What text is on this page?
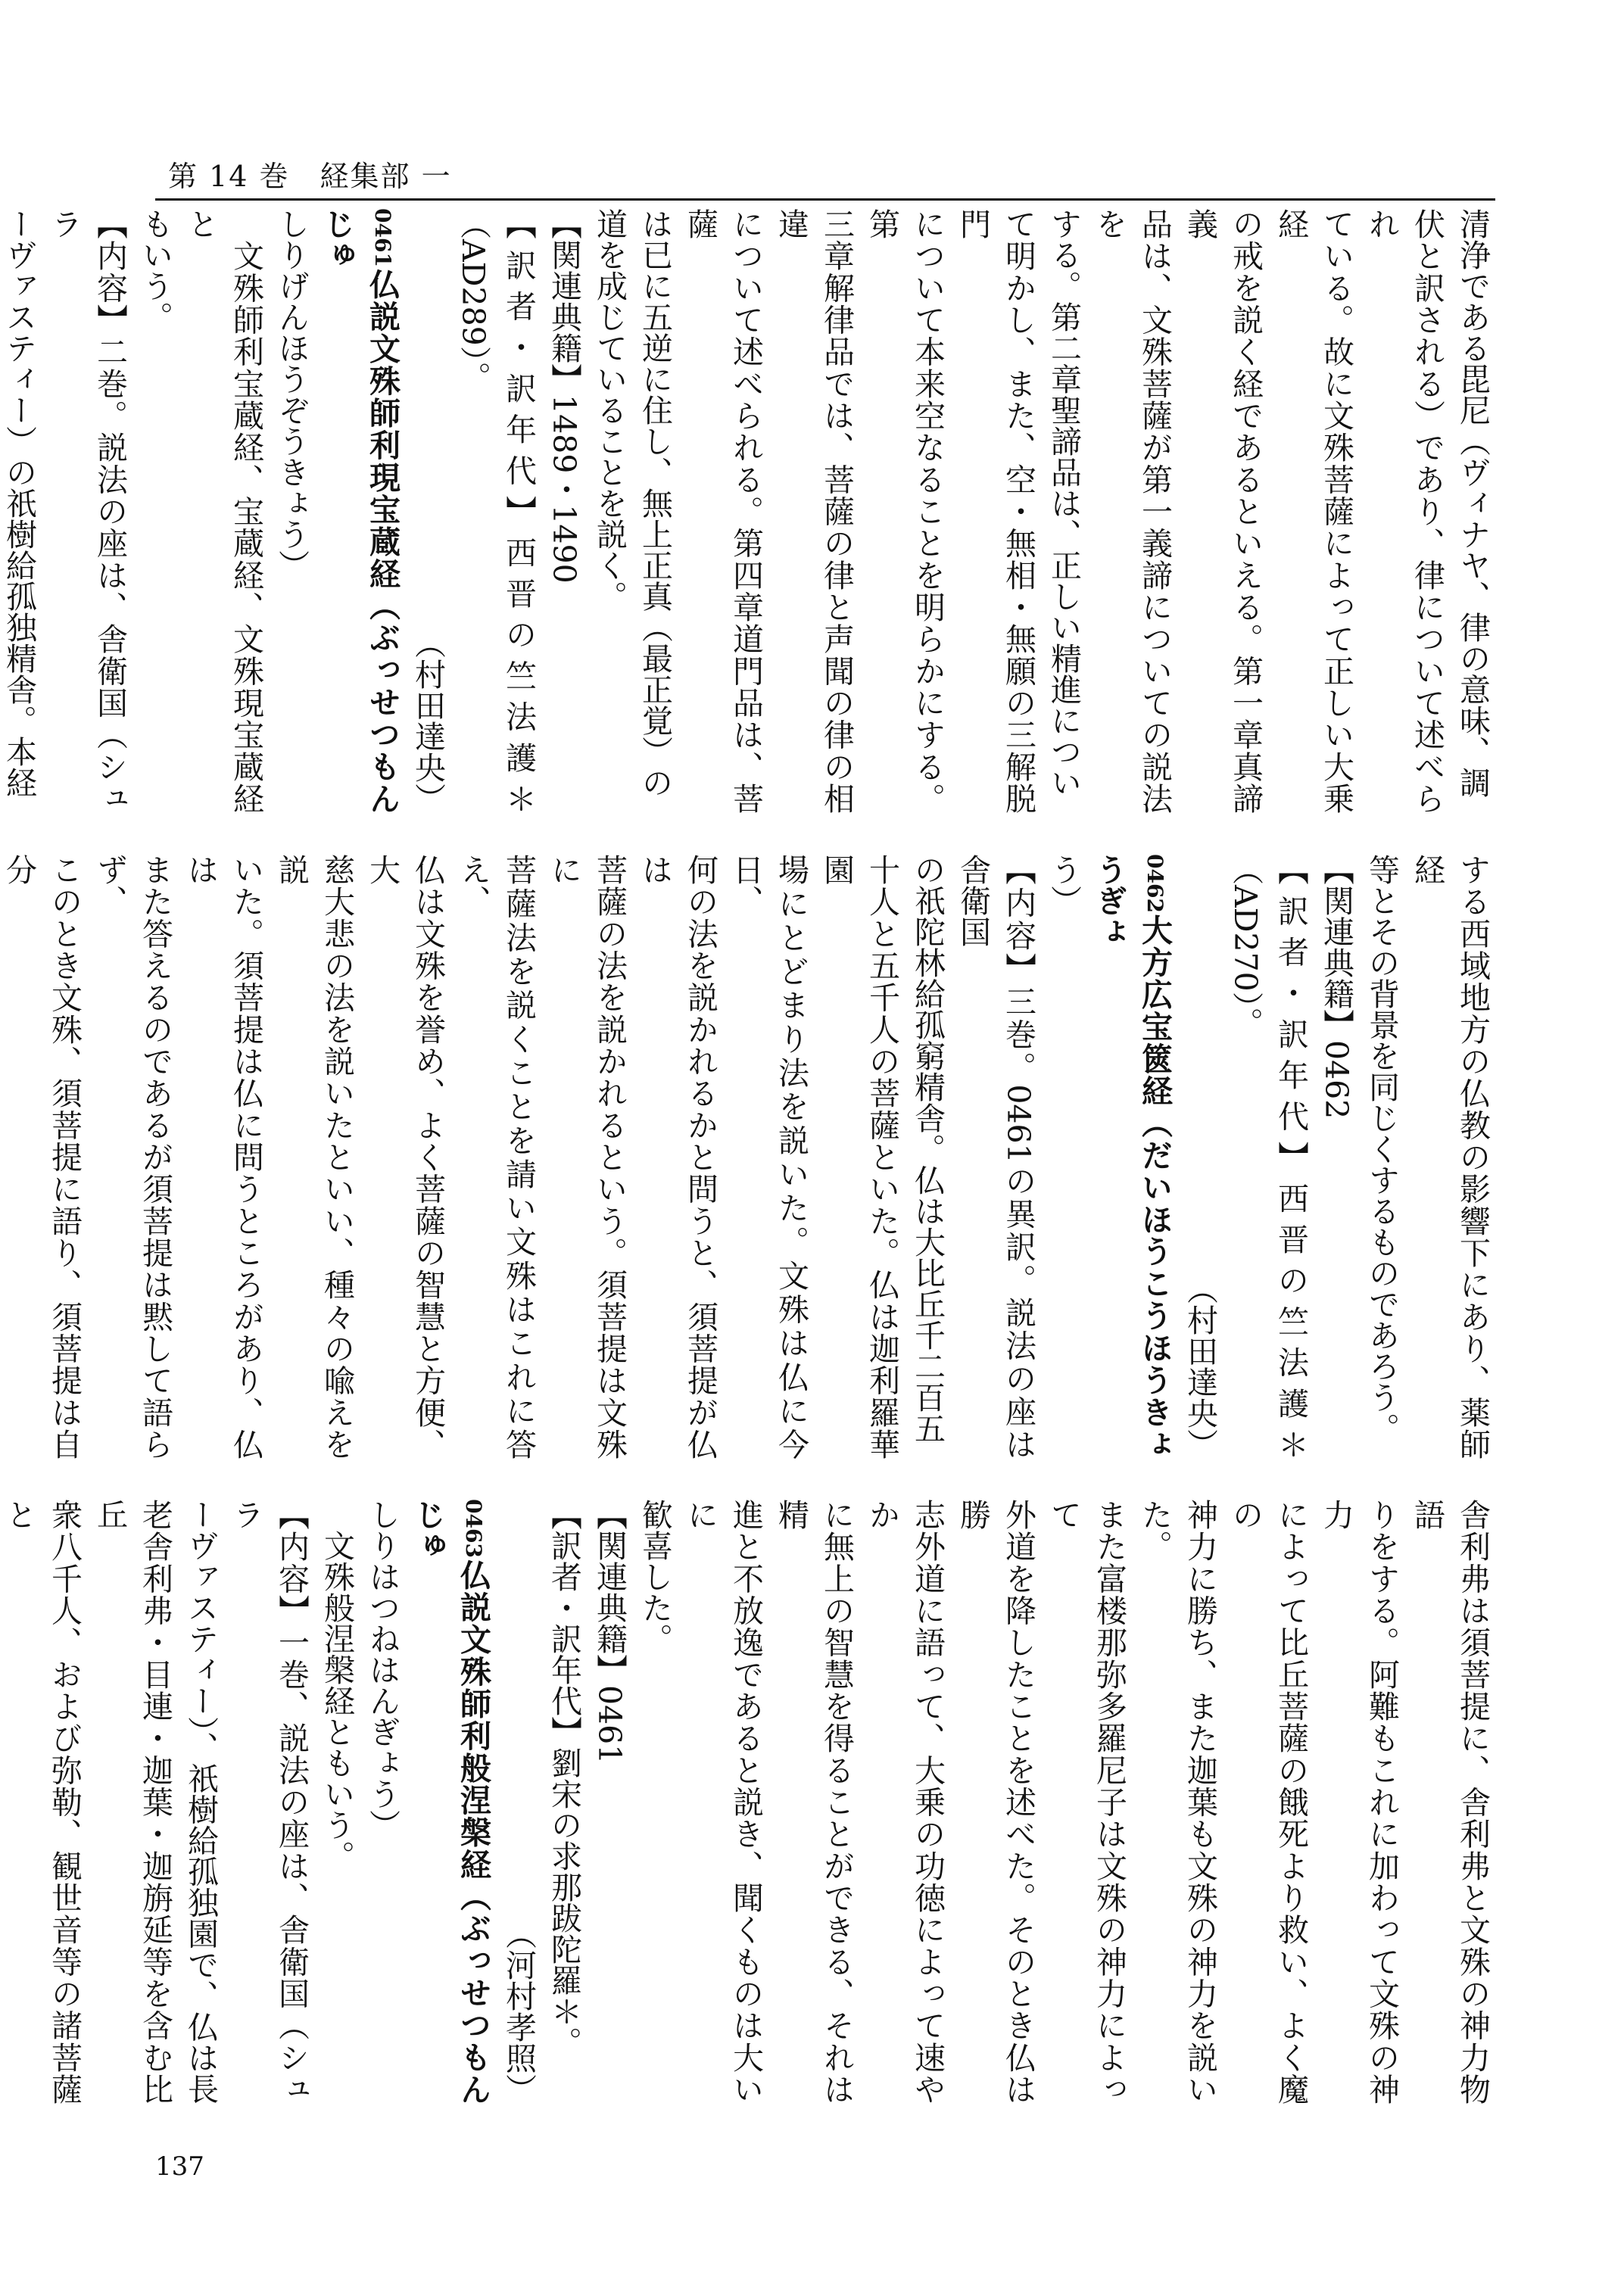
第 14 巻　経集部 一
清浄である毘尼（ヴィナヤ、律の意味、調
伏と訳される）であり、律について述べられ
ている。故に文殊菩薩によって正しい大乗経
の戒を説く経であるといえる。第一章真諦義
品は、文殊菩薩が第一義諦についての説法を
する。第二章聖諦品は、正しい精進につい
て明かし、また、空・無相・無願の三解脱門
について本来空なることを明らかにする。第
三章解律品では、菩薩の律と声聞の律の相違
について述べられる。第四章道門品は、菩薩
は已に五逆に住し、無上正真（最正覚）の
道を成じていることを説く。
【関連典籍】1489・1490
【訳者・訳年代】西晋の竺法護＊（AD289）。
（村田達央）
0461仏説文殊師利現宝蔵経（ぶっせつもんじゅ
しりげんほうぞうきょう）
　文殊師利宝蔵経、宝蔵経、文殊現宝蔵経と
もいう。
【内容】二巻。説法の座は、舎衛国（シュラ
ーヴァスティー）の祇樹給孤独精舎。本経
する西域地方の仏教の影響下にあり、薬師経
等とその背景を同じくするものであろう。
【関連典籍】0462
【訳者・訳年代】西晋の竺法護＊（AD270）。
（村田達央）
0462大方広宝篋経（だいほうこうほうきょうぎょ
う）
【内容】三巻。0461の異訳。説法の座は舎衛国
の祇陀林給孤窮精舎。仏は大比丘千二百五
十人と五千人の菩薩といた。仏は迦利羅華園
場にとどまり法を説いた。文殊は仏に今日、
何の法を説かれるかと問うと、須菩提が仏は
菩薩の法を説かれるという。須菩提は文殊に
菩薩法を説くことを請い文殊はこれに答え、
仏は文殊を誉め、よく菩薩の智慧と方便、大
慈大悲の法を説いたといい、種々の喩えを説
いた。須菩提は仏に問うところがあり、仏は
また答えるのであるが須菩提は黙して語らず、
このとき文殊、須菩提に語り、須菩提は自分
舎利弗は須菩提に、舎利弗と文殊の神力物語
りをする。阿難もこれに加わって文殊の神力
によって比丘菩薩の餓死より救い、よく魔の
神力に勝ち、また迦葉も文殊の神力を説いた。
また富楼那弥多羅尼子は文殊の神力によって
外道を降したことを述べた。そのとき仏は勝
志外道に語って、大乗の功徳によって速やか
に無上の智慧を得ることができる、それは精
進と不放逸であると説き、聞くものは大いに
歓喜した。
【関連典籍】0461
【訳者・訳年代】劉宋の求那跋陀羅＊。
（河村孝照）
0463仏説文殊師利般涅槃経（ぶっせつもんじゅ
しりはつねはんぎょう）
　文殊般涅槃経ともいう。
【内容】一巻、説法の座は、舎衛国（シュラ
ーヴァスティー）、祇樹給孤独園で、仏は長
老舎利弗・目連・迦葉・迦旃延等を含む比丘
衆八千人、および弥勒、観世音等の諸菩薩と
137
